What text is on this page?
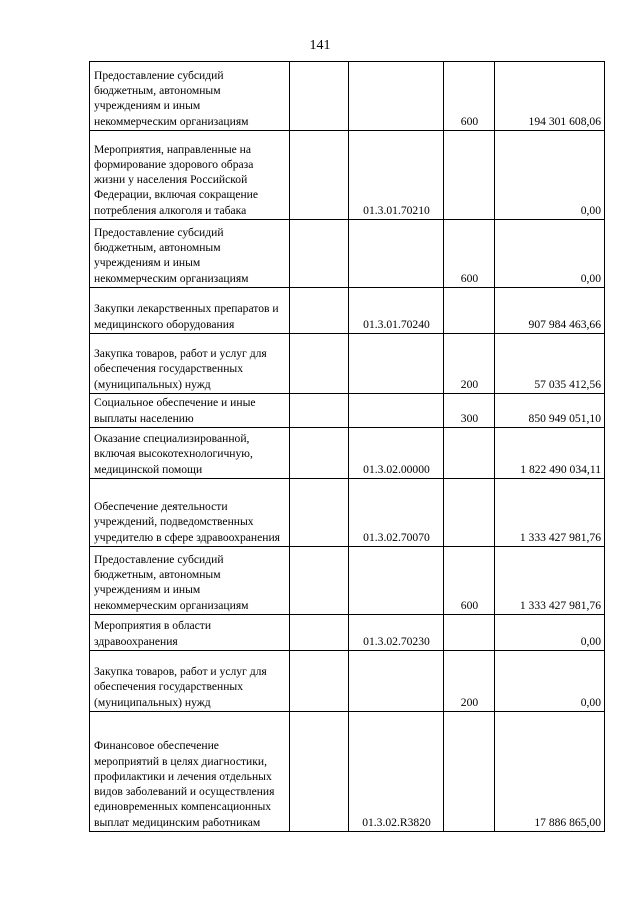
141
Предоставление субсидий бюджетным, автономным учреждениям и иным некоммерческим организациям			600	194 301 608,06
Мероприятия, направленные на формирование здорового образа жизни у населения Российской Федерации, включая сокращение потребления алкоголя и табака		01.3.01.70210		0,00
Предоставление субсидий бюджетным, автономным учреждениям и иным некоммерческим организациям			600	0,00
Закупки лекарственных препаратов и медицинского оборудования		01.3.01.70240		907 984 463,66
Закупка товаров, работ и услуг для обеспечения государственных (муниципальных) нужд			200	57 035 412,56
Социальное обеспечение и иные выплаты населению			300	850 949 051,10
Оказание специализированной, включая высокотехнологичную, медицинской помощи		01.3.02.00000		1 822 490 034,11
Обеспечение деятельности учреждений, подведомственных учредителю в сфере здравоохранения		01.3.02.70070		1 333 427 981,76
Предоставление субсидий бюджетным, автономным учреждениям и иным некоммерческим организациям			600	1 333 427 981,76
Мероприятия в области здравоохранения		01.3.02.70230		0,00
Закупка товаров, работ и услуг для обеспечения государственных (муниципальных) нужд			200	0,00
Финансовое обеспечение мероприятий в целях диагностики, профилактики и лечения отдельных видов заболеваний и осуществления единовременных компенсационных выплат медицинским работникам		01.3.02.R3820		17 886 865,00
